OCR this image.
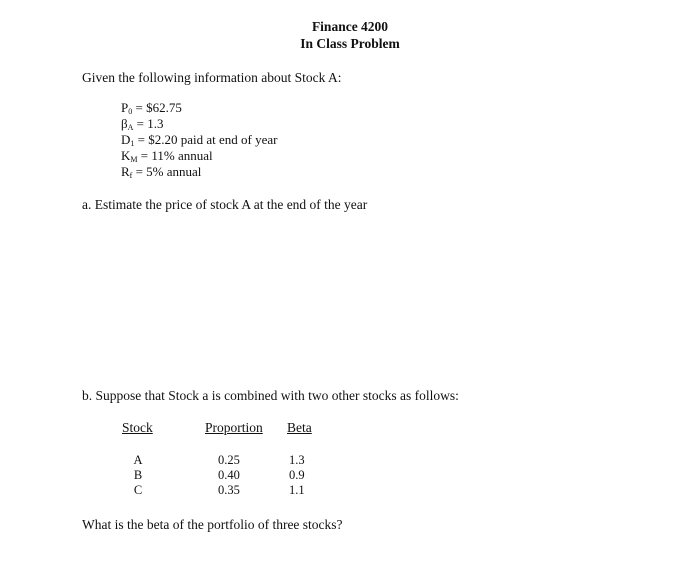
Finance 4200
In Class Problem
Given the following information about Stock A:
$P_0$ = $62.75
$\beta_A = 1.3$
$D_1$ = $2.20 paid at end of year
$K_M = 11\%$ annual
$R_f = 5\%$ annual
a. Estimate the price of stock A at the end of the year
b. Suppose that Stock a is combined with two other stocks as follows:
Stock	Proportion Beta
A	0.25	1.3
B	0.40	0.9
C	0.35	1.1
What is the beta of the portfolio of three stocks?
